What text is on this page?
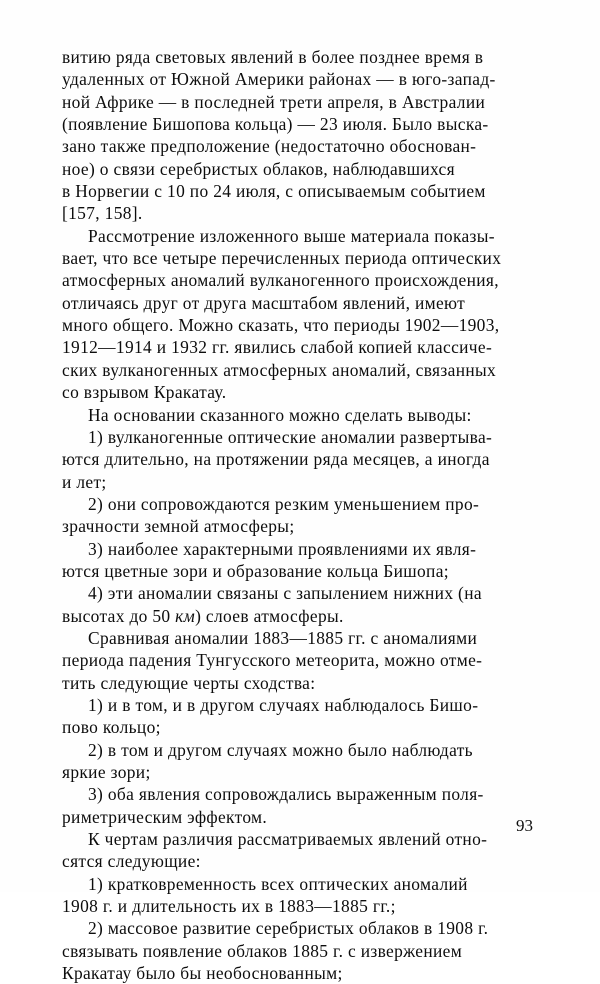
витию ряда световых явлений в более позднее время в
удаленных от Южной Америки районах — в юго-запад-
ной Африке — в последней трети апреля, в Австралии
(появление Бишопова кольца) — 23 июля. Было выска-
зано также предположение (недостаточно обоснован-
ное) о связи серебристых облаков, наблюдавшихся
в Норвегии с 10 по 24 июля, с описываемым событием
[157, 158].

Рассмотрение изложенного выше материала показы-
вает, что все четыре перечисленных периода оптических
атмосферных аномалий вулканогенного происхождения,
отличаясь друг от друга масштабом явлений, имеют
много общего. Можно сказать, что периоды 1902—1903,
1912—1914 и 1932 гг. явились слабой копией классиче-
ских вулканогенных атмосферных аномалий, связанных
со взрывом Кракатау.

На основании сказанного можно сделать выводы:

1) вулканогенные оптические аномалии развертыва-
ются длительно, на протяжении ряда месяцев, а иногда
и лет;

2) они сопровождаются резким уменьшением про-
зрачности земной атмосферы;

3) наиболее характерными проявлениями их явля-
ются цветные зори и образование кольца Бишопа;

4) эти аномалии связаны с запылением нижних (на
высотах до 50 км) слоев атмосферы.

Сравнивая аномалии 1883—1885 гг. с аномалиями
периода падения Тунгусского метеорита, можно отме-
тить следующие черты сходства:

1) и в том, и в другом случаях наблюдалось Бишо-
пово кольцо;

2) в том и другом случаях можно было наблюдать
яркие зори;

3) оба явления сопровождались выраженным поля-
риметрическим эффектом.

К чертам различия рассматриваемых явлений отно-
сятся следующие:

1) кратковременность всех оптических аномалий
1908 г. и длительность их в 1883—1885 гг.;

2) массовое развитие серебристых облаков в 1908 г.
связывать появление облаков 1885 г. с извержением
Кракатау было бы необоснованным;

93
